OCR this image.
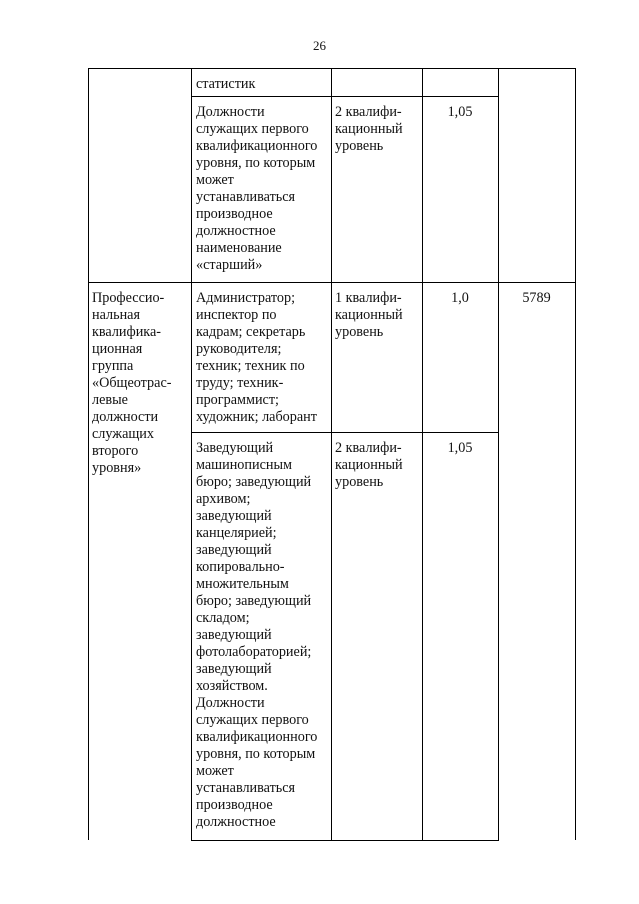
26
статистик
Должности
служащих первого
квалификационного
уровня, по которым
может
устанавливаться
производное
должностное
наименование
«старший»
2 квалифи-
кационный
уровень
1,05
Профессио-
нальная
квалифика-
ционная
группа
«Общеотрас-
левые
должности
служащих
второго
уровня»
Администратор;
инспектор по
кадрам; секретарь
руководителя;
техник; техник по
труду; техник-
программист;
художник; лаборант
1 квалифи-
кационный
уровень
1,0	5789
Заведующий
машинописным
бюро; заведующий
архивом;
заведующий
канцелярией;
заведующий
копировально-
множительным
бюро; заведующий
складом;
заведующий
фотолабораторией;
заведующий
хозяйством.
Должности
служащих первого
квалификационного
уровня, по которым
может
устанавливаться
производное
должностное
2 квалифи-
кационный
уровень
1,05
